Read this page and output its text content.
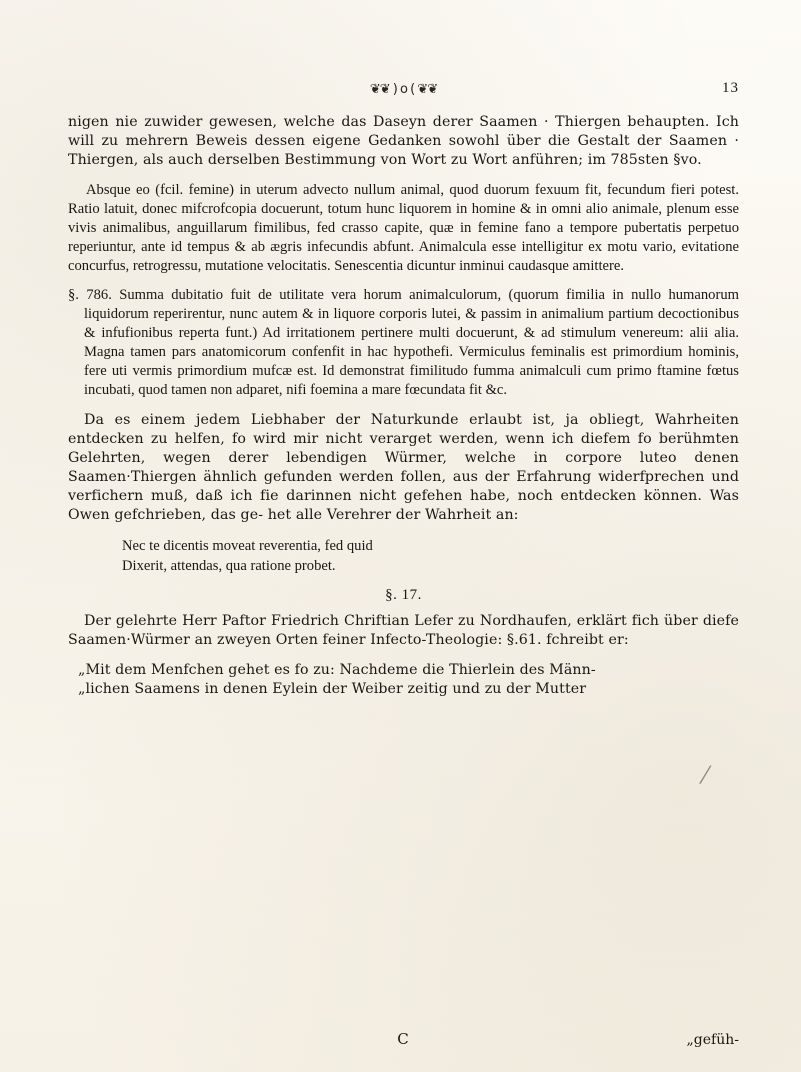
❦❦ ) o ( ❦❦	13

nigen nie zuwider gewesen, welche das Daseyn derer Saamen · Thiergen behaupten. Ich will zu mehrern Beweis dessen eigene Gedanken sowohl über die Gestalt der Saamen · Thiergen, als auch derselben Bestimmung von Wort zu Wort anführen; im 785sten §vo.

Absque eo (fcil. femine) in uterum advecto nullum animal, quod duorum fexuum fit, fecundum fieri potest. Ratio latuit, donec mifcrofcopia docuerunt, totum hunc liquorem in homine & in omni alio animale, plenum esse vivis animalibus, anguillarum fimilibus, fed crasso capite, quæ in femine fano a tempore pubertatis perpetuo reperiuntur, ante id tempus & ab ægris infecundis abfunt. Animalcula esse intelligitur ex motu vario, evitatione concurfus, retrogressu, mutatione velocitatis. Senescentia dicuntur inminui caudasque amittere.

§. 786. Summa dubitatio fuit de utilitate vera horum animalculorum, (quorum fimilia in nullo humanorum liquidorum reperirentur, nunc autem & in liquore corporis lutei, & passim in animalium partium decoctionibus & infufionibus reperta funt.) Ad irritationem pertinere multi docuerunt, & ad stimulum venereum: alii alia. Magna tamen pars anatomicorum confenfit in hac hypothefi. Vermiculus feminalis est primordium hominis, fere uti vermis primordium mufcæ est. Id demonstrat fimilitudo fumma animalculi cum primo ftamine fœtus incubati, quod tamen non adparet, nifi foemina a mare fœcundata fit &c.

Da es einem jedem Liebhaber der Naturkunde erlaubt ist, ja obliegt, Wahrheiten entdecken zu helfen, fo wird mir nicht verarget werden, wenn ich diefem fo berühmten Gelehrten, wegen derer lebendigen Würmer, welche in corpore luteo denen Saamen·Thiergen ähnlich gefunden werden follen, aus der Erfahrung widerfprechen und verfichern muß, daß ich fie darinnen nicht gefehen habe, noch entdecken können. Was Owen gefchrieben, das ge‐ het alle Verehrer der Wahrheit an:

Nec te dicentis moveat reverentia, fed quid
Dixerit, attendas, qua ratione probet.
§. 17.

Der gelehrte Herr Paftor Friedrich Chriftian Lefer zu Nordhaufen, erklärt fich über diefe Saamen·Würmer an zweyen Orten feiner Infecto-Theologie: §.61. fchreibt er:

„Mit dem Menfchen gehet es fo zu: Nachdeme die Thierlein des Männ‐

„lichen Saamens in denen Eylein der Weiber zeitig und zu der Mutter

/
C	„gefüh‐
